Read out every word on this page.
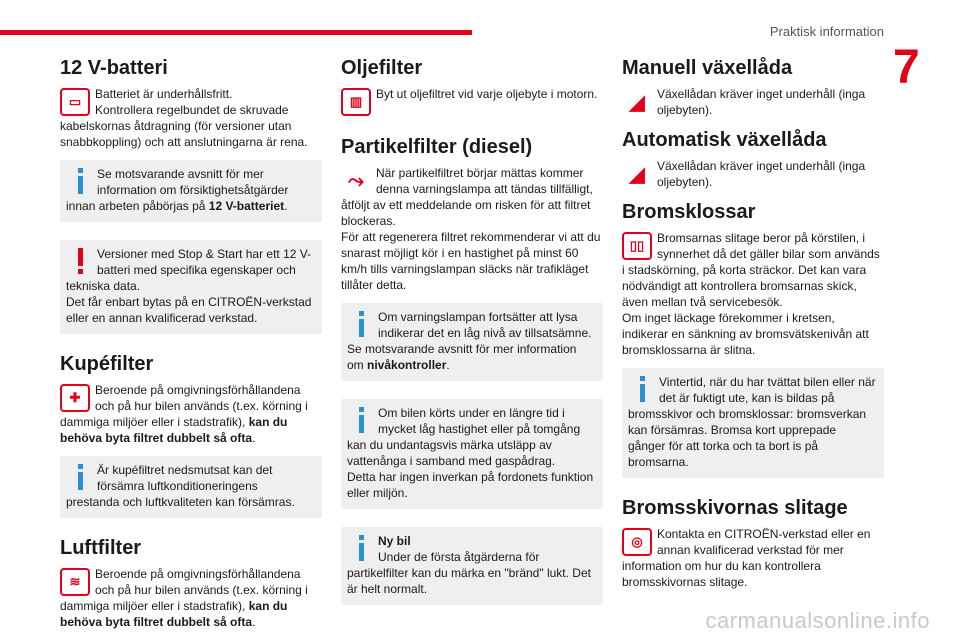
Praktisk information
7
12 V-batteri
▭	Batteriet är underhållsfritt.

Kontrollera regelbundet de skruvade kabelskornas åtdragning (för versioner utan snabbkoppling) och att anslutningarna är rena.

Se motsvarande avsnitt för mer information om försiktighetsåtgärder innan arbeten påbörjas på 12 V-batteriet.
Versioner med Stop & Start har ett 12 V-batteri med specifika egenskaper och tekniska data.
Det får enbart bytas på en CITROËN-verkstad eller en annan kvalificerad verkstad.
Kupéfilter
✚	Beroende på omgivningsförhållandena och på hur bilen används (t.ex. körning i dammiga miljöer eller i stadstrafik), kan du behöva byta filtret dubbelt så ofta.

Är kupéfiltret nedsmutsat kan det försämra luftkonditioneringens prestanda och luftkvaliteten kan försämras.
Luftfilter
≋	Beroende på omgivningsförhållandena och på hur bilen används (t.ex. körning i dammiga miljöer eller i stadstrafik), kan du behöva byta filtret dubbelt så ofta.

Oljefilter
▥	Byt ut oljefiltret vid varje oljebyte i motorn.

Partikelfilter (diesel)
⤳	När partikelfiltret börjar mättas kommer denna varningslampa att tändas tillfälligt, åtföljt av ett meddelande om risken för att filtret blockeras.

För att regenerera filtret rekommenderar vi att du snarast möjligt kör i en hastighet på minst 60 km/h tills varningslampan släcks när trafikläget tillåter detta.

Om varningslampan fortsätter att lysa indikerar det en låg nivå av tillsatsämne.
Se motsvarande avsnitt för mer information om nivåkontroller.
Om bilen körts under en längre tid i mycket låg hastighet eller på tomgång kan du undantagsvis märka utsläpp av vattenånga i samband med gaspådrag.
Detta har ingen inverkan på fordonets funktion eller miljön.
Ny bil
Under de första åtgärderna för partikelfilter kan du märka en "bränd" lukt. Det är helt normalt.
Manuell växellåda
◢	Växellådan kräver inget underhåll (inga oljebyten).

Automatisk växellåda
◢	Växellådan kräver inget underhåll (inga oljebyten).

Bromsklossar
▯▯	Bromsarnas slitage beror på körstilen, i synnerhet då det gäller bilar som används i stadskörning, på korta sträckor. Det kan vara nödvändigt att kontrollera bromsarnas skick, även mellan två servicebesök.

Om inget läckage förekommer i kretsen, indikerar en sänkning av bromsvätskenivån att bromsklossarna är slitna.

Vintertid, när du har tvättat bilen eller när det är fuktigt ute, kan is bildas på bromsskivor och bromsklossar: bromsverkan kan försämras. Bromsa kort upprepade gånger för att torka och ta bort is på bromsarna.
Bromsskivornas slitage
◎	Kontakta en CITROËN-verkstad eller en annan kvalificerad verkstad för mer information om hur du kan kontrollera bromsskivornas slitage.

carmanualsonline.info
